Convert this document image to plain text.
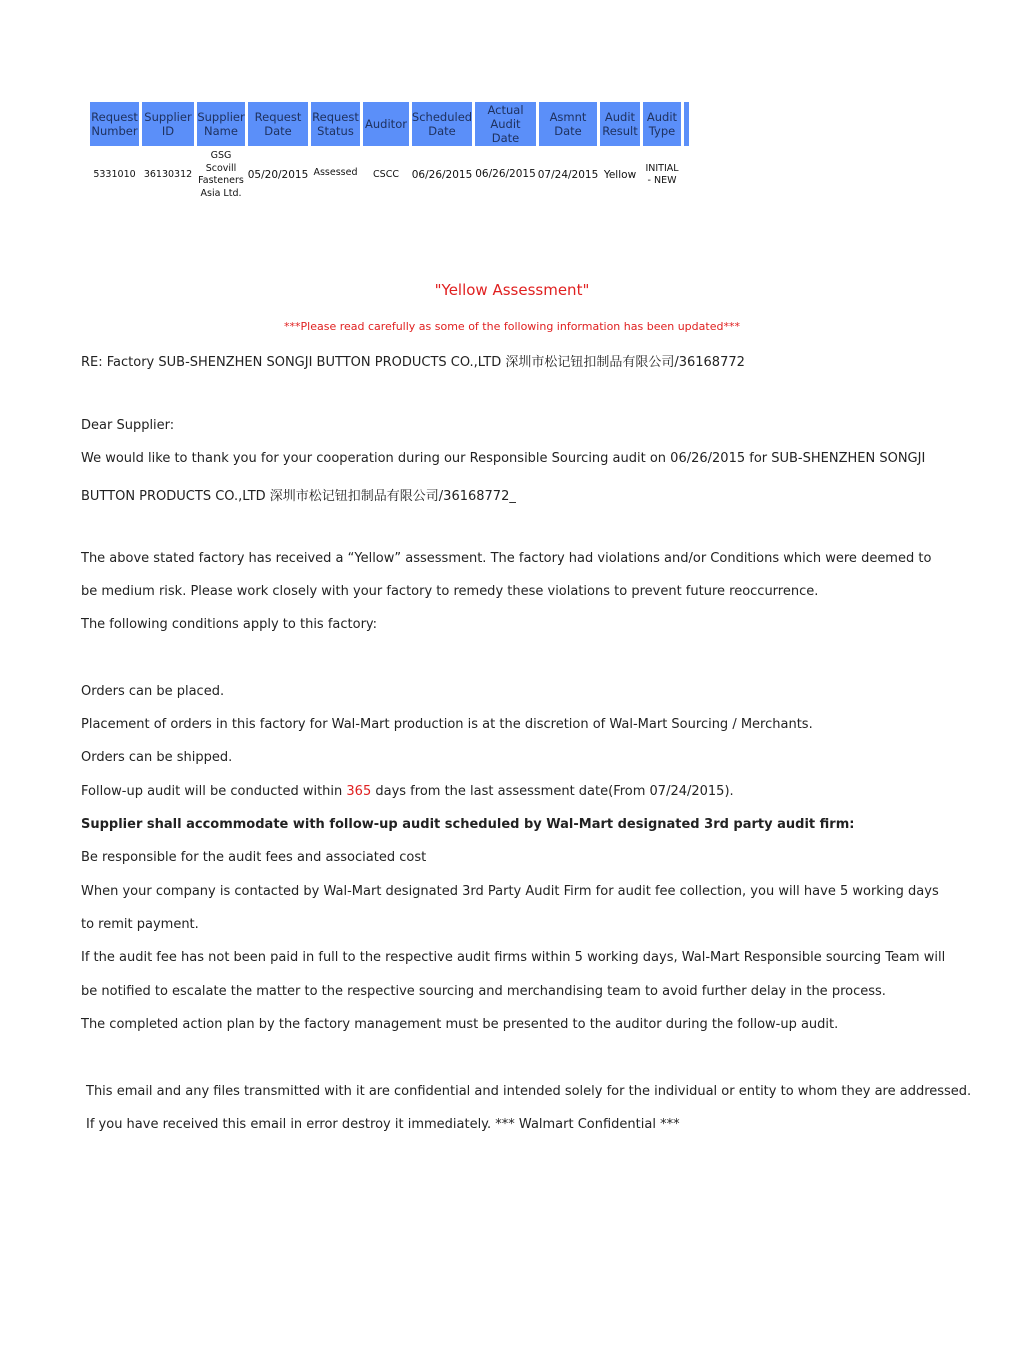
Request
Number
Supplier
ID
Supplier
Name
Request
Date
Request
Status Auditor Scheduled
Date
Actual
Audit
Date
Asmnt
Date
Audit
Result
Audit
Type
5331010 36130312
GSG
Scovill
Fasteners
Asia Ltd.
05/20/2015 Assessed CSCC 06/26/2015 06/26/2015 07/24/2015 Yellow
INITIAL
- NEW
"Yellow Assessment"
***Please read carefully as some of the following information has been updated***
RE: Factory SUB-SHENZHEN SONGJI BUTTON PRODUCTS CO.,LTD 深圳市松记钮扣制品有限公司/36168772
Dear Supplier:
We would like to thank you for your cooperation during our Responsible Sourcing audit on 06/26/2015 for SUB-SHENZHEN SONGJI
BUTTON PRODUCTS CO.,LTD 深圳市松记钮扣制品有限公司/36168772_
The above stated factory has received a “Yellow” assessment. The factory had violations and/or Conditions which were deemed to
be medium risk. Please work closely with your factory to remedy these violations to prevent future reoccurrence.
The following conditions apply to this factory:
Orders can be placed.
Placement of orders in this factory for Wal-Mart production is at the discretion of Wal-Mart Sourcing / Merchants.
Orders can be shipped.
Follow-up audit will be conducted within 365 days from the last assessment date(From 07/24/2015).
Supplier shall accommodate with follow-up audit scheduled by Wal-Mart designated 3rd party audit firm:
Be responsible for the audit fees and associated cost
When your company is contacted by Wal-Mart designated 3rd Party Audit Firm for audit fee collection, you will have 5 working days
to remit payment.
If the audit fee has not been paid in full to the respective audit firms within 5 working days, Wal-Mart Responsible sourcing Team will
be notified to escalate the matter to the respective sourcing and merchandising team to avoid further delay in the process.
The completed action plan by the factory management must be presented to the auditor during the follow-up audit.
This email and any files transmitted with it are confidential and intended solely for the individual or entity to whom they are addressed.
If you have received this email in error destroy it immediately. *** Walmart Confidential ***
